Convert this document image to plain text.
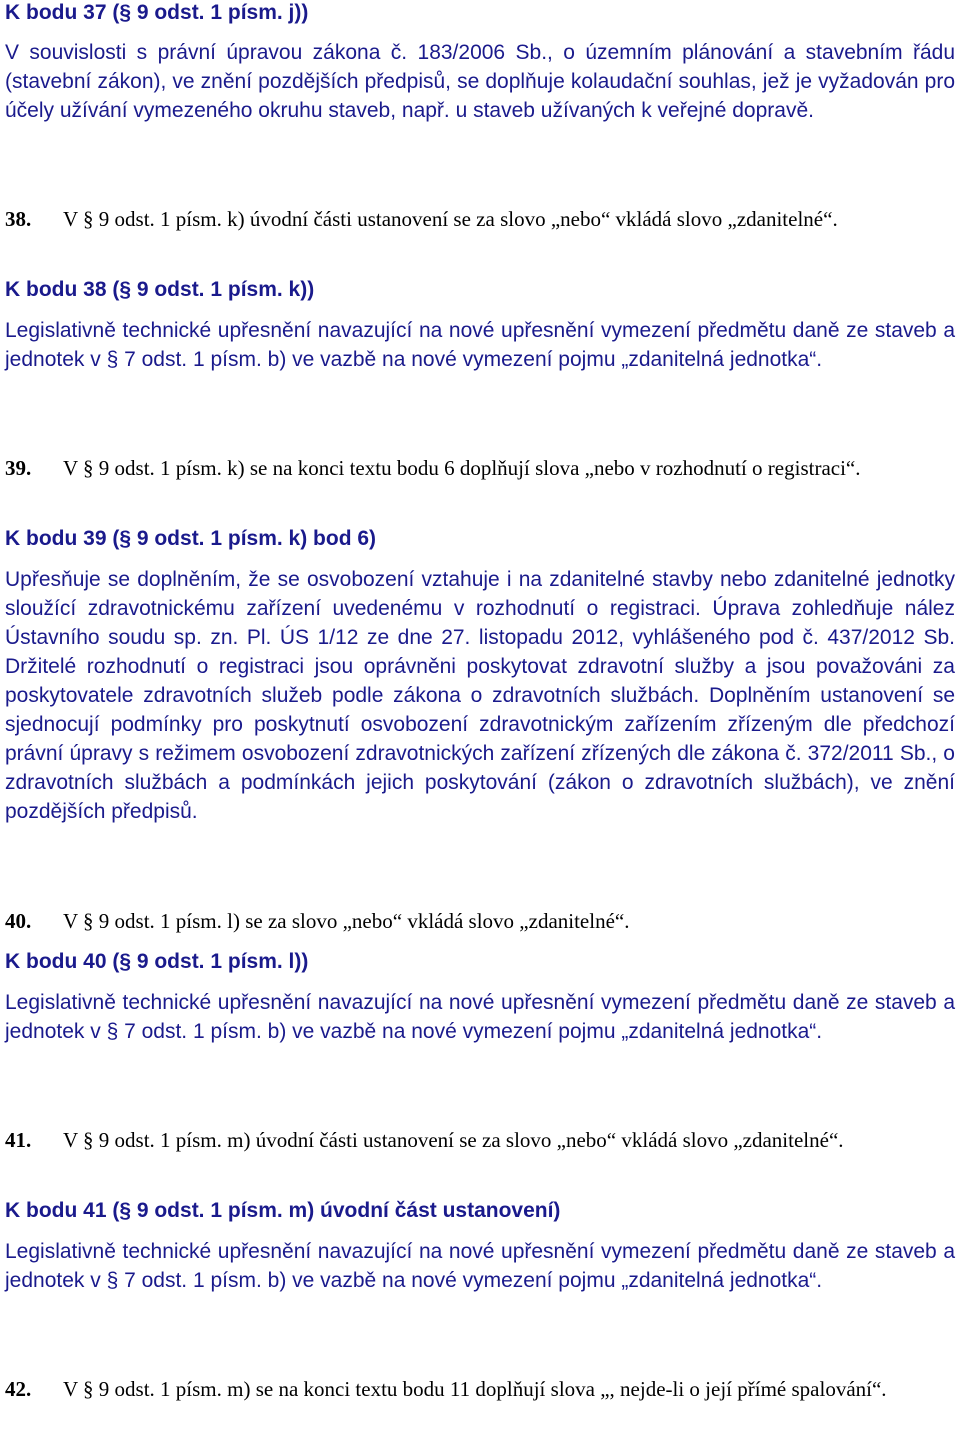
K bodu 37 (§ 9 odst. 1 písm. j))

V souvislosti s právní úpravou zákona č. 183/2006 Sb., o územním plánování a stavebním řádu (stavební zákon), ve znění pozdějších předpisů, se doplňuje kolaudační souhlas, jež je vyžadován pro účely užívání vymezeného okruhu staveb, např. u staveb užívaných k veřejné dopravě.

38. V § 9 odst. 1 písm. k) úvodní části ustanovení se za slovo „nebo“ vkládá slovo „zdanitelné“.
K bodu 38 (§ 9 odst. 1 písm. k))

Legislativně technické upřesnění navazující na nové upřesnění vymezení předmětu daně ze staveb a jednotek v § 7 odst. 1 písm. b) ve vazbě na nové vymezení pojmu „zdanitelná jednotka“.

39. V § 9 odst. 1 písm. k) se na konci textu bodu 6 doplňují slova „nebo v rozhodnutí o registraci“.
K bodu 39 (§ 9 odst. 1 písm. k) bod 6)

Upřesňuje se doplněním, že se osvobození vztahuje i na zdanitelné stavby nebo zdanitelné jednotky sloužící zdravotnickému zařízení uvedenému v rozhodnutí o registraci. Úprava zohledňuje nález Ústavního soudu sp. zn. Pl. ÚS 1/12 ze dne 27. listopadu 2012, vyhlášeného pod č. 437/2012 Sb. Držitelé rozhodnutí o registraci jsou oprávněni poskytovat zdravotní služby a jsou považováni za poskytovatele zdravotních služeb podle zákona o zdravotních službách. Doplněním ustanovení se sjednocují podmínky pro poskytnutí osvobození zdravotnickým zařízením zřízeným dle předchozí právní úpravy s režimem osvobození zdravotnických zařízení zřízených dle zákona č. 372/2011 Sb., o zdravotních službách a podmínkách jejich poskytování (zákon o zdravotních službách), ve znění pozdějších předpisů.

40. V § 9 odst. 1 písm. l) se za slovo „nebo“ vkládá slovo „zdanitelné“.
K bodu 40 (§ 9 odst. 1 písm. l))

Legislativně technické upřesnění navazující na nové upřesnění vymezení předmětu daně ze staveb a jednotek v § 7 odst. 1 písm. b) ve vazbě na nové vymezení pojmu „zdanitelná jednotka“.

41. V § 9 odst. 1 písm. m) úvodní části ustanovení se za slovo „nebo“ vkládá slovo „zdanitelné“.
K bodu 41 (§ 9 odst. 1 písm. m) úvodní část ustanovení)

Legislativně technické upřesnění navazující na nové upřesnění vymezení předmětu daně ze staveb a jednotek v § 7 odst. 1 písm. b) ve vazbě na nové vymezení pojmu „zdanitelná jednotka“.

42. V § 9 odst. 1 písm. m) se na konci textu bodu 11 doplňují slova „, nejde-li o její přímé spalování“.
